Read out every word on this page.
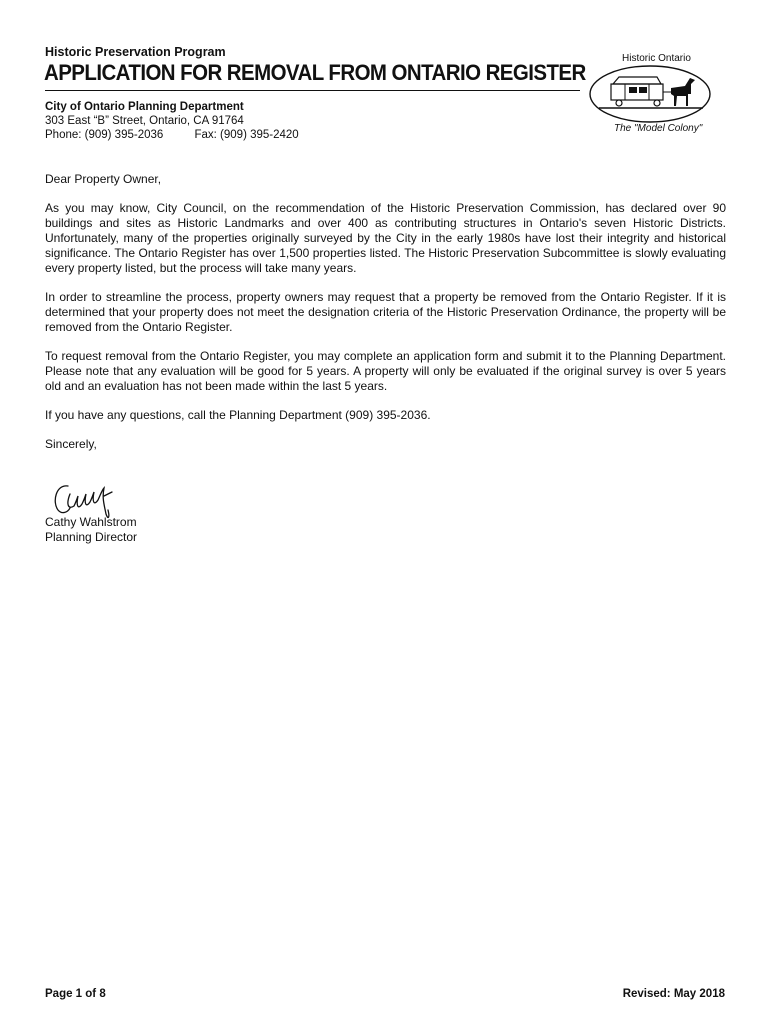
Historic Preservation Program
APPLICATION FOR REMOVAL FROM ONTARIO REGISTER
City of Ontario Planning Department
303 East “B” Street, Ontario, CA 91764
Phone: (909) 395-2036	Fax: (909) 395-2420
Historic Ontario
The "Model Colony"

Dear Property Owner,

As you may know, City Council, on the recommendation of the Historic Preservation Commission, has declared over 90 buildings and sites as Historic Landmarks and over 400 as contributing structures in Ontario's seven Historic Districts. Unfortunately, many of the properties originally surveyed by the City in the early 1980s have lost their integrity and historical significance. The Ontario Register has over 1,500 properties listed. The Historic Preservation Subcommittee is slowly evaluating every property listed, but the process will take many years.

In order to streamline the process, property owners may request that a property be removed from the Ontario Register. If it is determined that your property does not meet the designation criteria of the Historic Preservation Ordinance, the property will be removed from the Ontario Register.

To request removal from the Ontario Register, you may complete an application form and submit it to the Planning Department. Please note that any evaluation will be good for 5 years. A property will only be evaluated if the original survey is over 5 years old and an evaluation has not been made within the last 5 years.

If you have any questions, call the Planning Department (909) 395-2036.

Sincerely,

Cathy Wahlstrom
Planning Director
Page 1 of 8	Revised: May 2018
